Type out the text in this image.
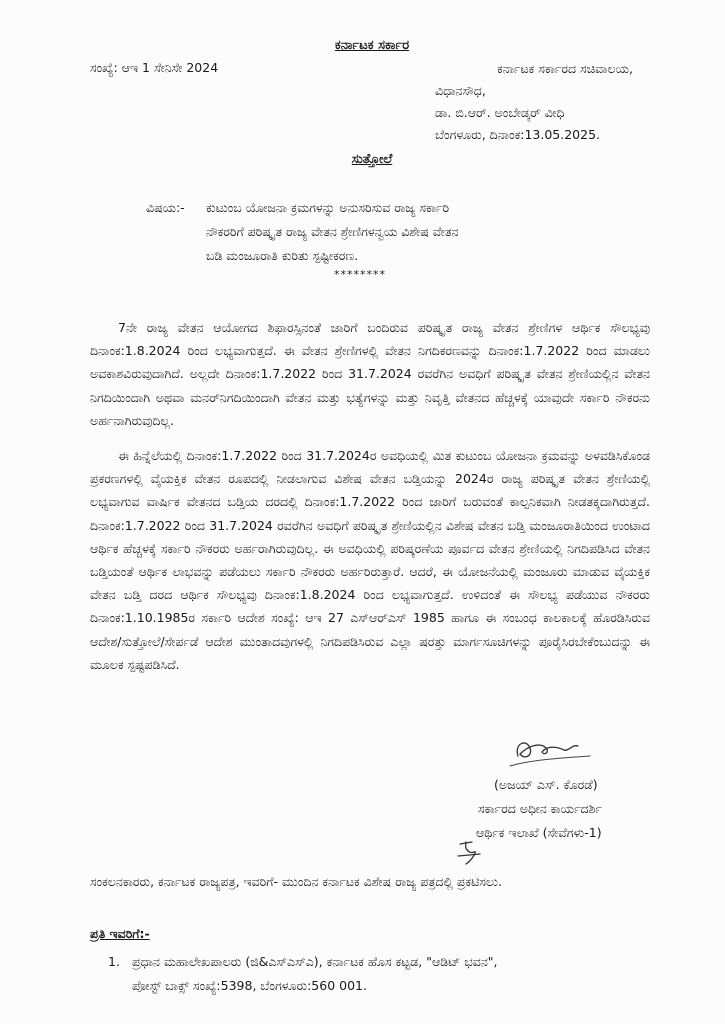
ಕರ್ನಾಟಕ ಸರ್ಕಾರ
ಸಂಖ್ಯೆ: ಆಇ 1 ಸೇನಿಸೇ 2024	ಕರ್ನಾಟಕ ಸರ್ಕಾರದ ಸಚಿವಾಲಯ,
ವಿಧಾನಸೌಧ,
ಡಾ. ಬಿ.ಆರ್. ಅಂಬೇಡ್ಕರ್ ವೀಧಿ
ಬೆಂಗಳೂರು, ದಿನಾಂಕ:13.05.2025.
ಸುತ್ತೋಲೆ
ವಿಷಯ:- ಕುಟುಂಬ ಯೋಜನಾ ಕ್ರಮಗಳನ್ನು ಅನುಸರಿಸುವ ರಾಜ್ಯ ಸರ್ಕಾರಿ
ನೌಕರರಿಗೆ ಪರಿಷ್ಕೃತ ರಾಜ್ಯ ವೇತನ ಶ್ರೇಣಿಗಳನ್ವಯ ವಿಶೇಷ ವೇತನ
ಬಡಿ ಮಂಜೂರಾತಿ ಕುರಿತು ಸ್ಪಷ್ಟೀಕರಣ.
********

7ನೇ ರಾಜ್ಯ ವೇತನ ಆಯೋಗದ ಶಿಫಾರಸ್ಸಿನಂತೆ ಜಾರಿಗೆ ಬಂದಿರುವ ಪರಿಷ್ಕೃತ ರಾಜ್ಯ ವೇತನ ಶ್ರೇಣಿಗಳ ಆರ್ಥಿಕ ಸೌಲಭ್ಯವು ದಿನಾಂಕ:1.8.2024 ರಿಂದ ಲಭ್ಯವಾಗುತ್ತದೆ. ಈ ವೇತನ ಶ್ರೇಣಿಗಳಲ್ಲಿ ವೇತನ ನಿಗದಿಕರಣವನ್ನು ದಿನಾಂಕ:1.7.2022 ರಿಂದ ಮಾಡಲು ಅವಕಾಶವಿರುವುದಾಗಿದೆ. ಅಲ್ಲದೇ ದಿನಾಂಕ:1.7.2022 ರಿಂದ 31.7.2024 ರವರೆಗಿನ ಅವಧಿಗೆ ಪರಿಷ್ಕೃತ ವೇತನ ಶ್ರೇಣಿಯಲ್ಲಿನ ವೇತನ ನಿಗದಿಯಿಂದಾಗಿ ಅಥವಾ ಮನರ್‌ನಿಗದಿಯಿಂದಾಗಿ ವೇತನ ಮತ್ತು ಭತ್ಯೆಗಳನ್ನು ಮತ್ತು ನಿವೃತ್ತಿ ವೇತನದ ಹೆಚ್ಚಳಕ್ಕೆ ಯಾವುದೇ ಸರ್ಕಾರಿ ನೌಕರನು ಅರ್ಹನಾಗಿರುವುದಿಲ್ಲ.

ಈ ಹಿನ್ನೆಲೆಯಲ್ಲಿ ದಿನಾಂಕ:1.7.2022 ರಿಂದ 31.7.2024ರ ಅವಧಿಯಲ್ಲಿ ಮಿತ ಕುಟುಂಬ ಯೋಜನಾ ಕ್ರಮವನ್ನು ಅಳವಡಿಸಿಕೊಂಡ ಪ್ರಕರಣಗಳಲ್ಲಿ ವೈಯಕ್ತಿಕ ವೇತನ ರೂಪದಲ್ಲಿ ನೀಡಲಾಗುವ ವಿಶೇಷ ವೇತನ ಬಡ್ತಿಯನ್ನು 2024ರ ರಾಜ್ಯ ಪರಿಷ್ಕೃತ ವೇತನ ಶ್ರೇಣಿಯಲ್ಲಿ ಲಭ್ಯವಾಗುವ ವಾರ್ಷಿಕ ವೇತನದ ಬಡ್ತಿಯ ದರದಲ್ಲಿ ದಿನಾಂಕ:1.7.2022 ರಿಂದ ಜಾರಿಗೆ ಬರುವಂತೆ ಕಾಲ್ಪನಿಕವಾಗಿ ನೀಡತಕ್ಕದಾಗಿರುತ್ತದೆ. ದಿನಾಂಕ:1.7.2022 ರಿಂದ 31.7.2024 ರವರೆಗಿನ ಅವಧಿಗೆ ಪರಿಷ್ಕೃತ ಶ್ರೇಣಿಯಲ್ಲಿನ ವಿಶೇಷ ವೇತನ ಬಡ್ತಿ ಮಂಜೂರಾತಿಯಿಂದ ಉಂಟಾದ ಆರ್ಥಿಕ ಹೆಚ್ಚಳಕ್ಕೆ ಸರ್ಕಾರಿ ನೌಕರರು ಅರ್ಹರಾಗಿರುವುದಿಲ್ಲ. ಈ ಅವಧಿಯಲ್ಲಿ ಪರಿಷ್ಕರಣೆಯ ಪೂರ್ವದ ವೇತನ ಶ್ರೇಣಿಯಲ್ಲಿ ನಿಗದಿಪಡಿಸಿದ ವೇತನ ಬಡ್ತಿಯಂತೆ ಆರ್ಥಿಕ ಲಾಭವನ್ನು ಪಡೆಯಲು ಸರ್ಕಾರಿ ನೌಕರರು ಅರ್ಹರಿರುತ್ತಾರೆ. ಆದರೆ, ಈ ಯೋಜನೆಯಲ್ಲಿ ಮಂಜೂರು ಮಾಡುವ ವೈಯಕ್ತಿಕ ವೇತನ ಬಡ್ತಿ ದರದ ಆರ್ಥಿಕ ಸೌಲಭ್ಯವು ದಿನಾಂಕ:1.8.2024 ರಿಂದ ಲಭ್ಯವಾಗುತ್ತದೆ. ಉಳಿದಂತೆ ಈ ಸೌಲಭ್ಯ ಪಡೆಯುವ ನೌಕರರು ದಿನಾಂಕ:1.10.1985ರ ಸರ್ಕಾರಿ ಆದೇಶ ಸಂಖ್ಯೆ: ಆಇ 27 ಎಸ್‌ಆರ್‌ಎಸ್ 1985 ಹಾಗೂ ಈ ಸಂಬಂಧ ಕಾಲಕಾಲಕ್ಕೆ ಹೊರಡಿಸಿರುವ ಆದೇಶ/ಸುತ್ತೋಲೆ/ಸೇರ್ಪಡೆ ಆದೇಶ ಮುಂತಾದವುಗಳಲ್ಲಿ ನಿಗದಿಪಡಿಸಿರುವ ಎಲ್ಲಾ ಷರತ್ತು ಮಾರ್ಗಸೂಚಿಗಳನ್ನು ಪೂರೈಸಿರಬೇಕೆಂಬುದನ್ನು ಈ ಮೂಲಕ ಸ್ಪಷ್ಟಪಡಿಸಿದೆ.

(ಅಜಯ್ ಎಸ್. ಕೊರಡೆ)
ಸರ್ಕಾರದ ಅಧೀನ ಕಾರ್ಯದರ್ಶಿ
ಆರ್ಥಿಕ ಇಲಾಖೆ (ಸೇವೆಗಳು-1)
ಸಂಕಲನಕಾರರು, ಕರ್ನಾಟಕ ರಾಜ್ಯಪತ್ರ, ಇವರಿಗೆ- ಮುಂದಿನ ಕರ್ನಾಟಕ ವಿಶೇಷ ರಾಜ್ಯ ಪತ್ರದಲ್ಲಿ ಪ್ರಕಟಿಸಲು.
ಪ್ರತಿ ಇವರಿಗೆ:-
1. ಪ್ರಧಾನ ಮಹಾಲೇಖಪಾಲರು (ಜಿ&ಎಸ್‌ಎಸ್‌ಎ), ಕರ್ನಾಟಕ ಹೊಸ ಕಟ್ಟಡ, "ಆಡಿಟ್ ಭವನ",
ಪೋಸ್ಟ್ ಬಾಕ್ಸ್ ಸಂಖ್ಯೆ:5398, ಬೆಂಗಳೂರು:560 001.
